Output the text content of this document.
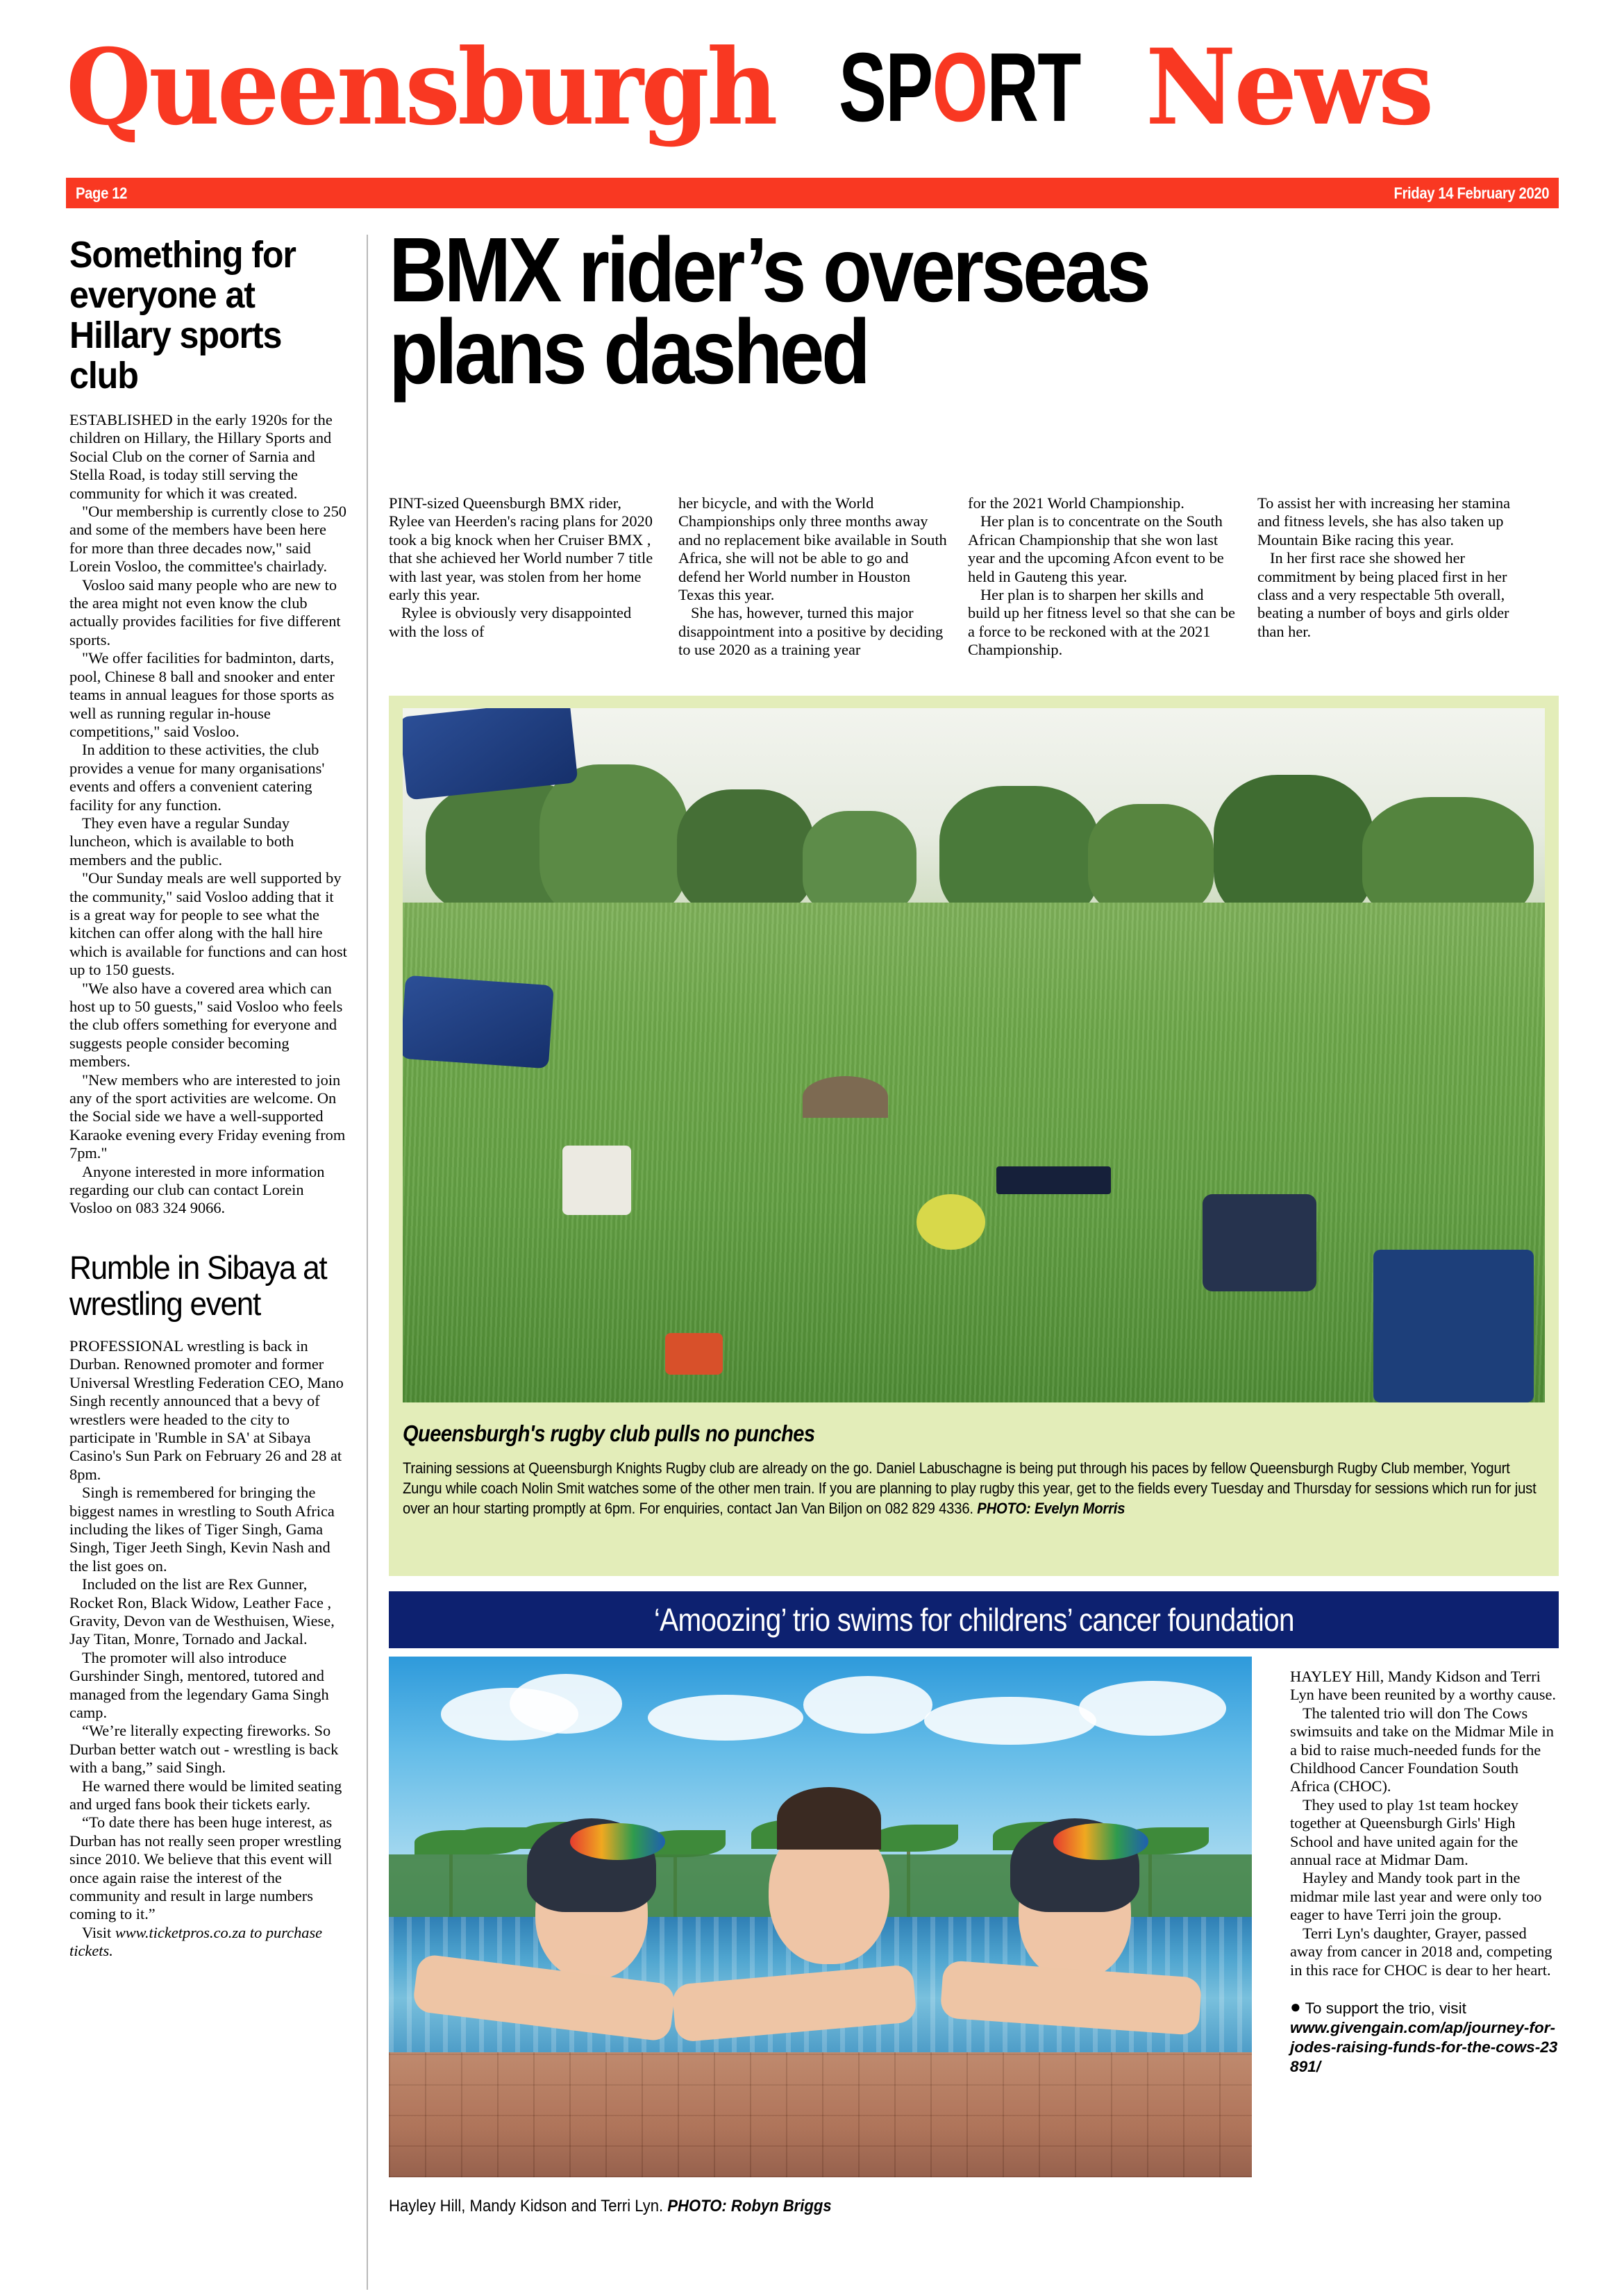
Queensburgh SPORT News
Page 12	Friday 14 February 2020
Something for everyone at Hillary sports club

ESTABLISHED in the early 1920s for the children on Hillary, the Hillary Sports and Social Club on the corner of Sarnia and Stella Road, is today still serving the community for which it was created.

"Our membership is currently close to 250 and some of the members have been here for more than three decades now," said Lorein Vosloo, the committee's chairlady.

Vosloo said many people who are new to the area might not even know the club actually provides facilities for five different sports.

"We offer facilities for badminton, darts, pool, Chinese 8 ball and snooker and enter teams in annual leagues for those sports as well as running regular in-house competitions," said Vosloo.

In addition to these activities, the club provides a venue for many organisations' events and offers a convenient catering facility for any function.

They even have a regular Sunday luncheon, which is available to both members and the public.

"Our Sunday meals are well supported by the community," said Vosloo adding that it is a great way for people to see what the kitchen can offer along with the hall hire which is available for functions and can host up to 150 guests.

"We also have a covered area which can host up to 50 guests," said Vosloo who feels the club offers something for everyone and suggests people consider becoming members.

"New members who are interested to join any of the sport activities are welcome. On the Social side we have a well-supported Karaoke evening every Friday evening from 7pm."

Anyone interested in more information regarding our club can contact Lorein Vosloo on 083 324 9066.

Rumble in Sibaya at wrestling event

PROFESSIONAL wrestling is back in Durban. Renowned promoter and former Universal Wrestling Federation CEO, Mano Singh recently announced that a bevy of wrestlers were headed to the city to participate in 'Rumble in SA' at Sibaya Casino's Sun Park on February 26 and 28 at 8pm.

Singh is remembered for bringing the biggest names in wrestling to South Africa including the likes of Tiger Singh, Gama Singh, Tiger Jeeth Singh, Kevin Nash and the list goes on.

Included on the list are Rex Gunner, Rocket Ron, Black Widow, Leather Face , Gravity, Devon van de Westhuisen, Wiese, Jay Titan, Monre, Tornado and Jackal.

The promoter will also introduce Gurshinder Singh, mentored, tutored and managed from the legendary Gama Singh camp.

“We’re literally expecting fireworks. So Durban better watch out - wrestling is back with a bang,” said Singh.

He warned there would be limited seating and urged fans book their tickets early.

“To date there has been huge interest, as Durban has not really seen proper wrestling since 2010. We believe that this event will once again raise the interest of the community and result in large numbers coming to it.”

Visit www.ticketpros.co.za to purchase tickets.

BMX rider’s overseas
plans dashed

PINT-sized Queensburgh BMX rider, Rylee van Heerden's racing plans for 2020 took a big knock when her Cruiser BMX , that she achieved her World number 7 title with last year, was stolen from her home early this year.

Rylee is obviously very disappointed with the loss of

her bicycle, and with the World Championships only three months away and no replacement bike available in South Africa, she will not be able to go and defend her World number in Houston Texas this year.

She has, however, turned this major disappointment into a positive by deciding to use 2020 as a training year

for the 2021 World Championship.

Her plan is to concentrate on the South African Championship that she won last year and the upcoming Afcon event to be held in Gauteng this year.

Her plan is to sharpen her skills and build up her fitness level so that she can be a force to be reckoned with at the 2021 Championship.

To assist her with increasing her stamina and fitness levels, she has also taken up Mountain Bike racing this year.

In her first race she showed her commitment by being placed first in her class and a very respectable 5th overall, beating a number of boys and girls older than her.

Queensburgh's rugby club pulls no punches
Training sessions at Queensburgh Knights Rugby club are already on the go. Daniel Labuschagne is being put through his paces by fellow Queensburgh Rugby Club member, Yogurt Zungu while coach Nolin Smit watches some of the other men train. If you are planning to play rugby this year, get to the fields every Tuesday and Thursday for sessions which run for just over an hour starting promptly at 6pm. For enquiries, contact Jan Van Biljon on 082 829 4336. PHOTO: Evelyn Morris
‘Amoozing’ trio swims for childrens’ cancer foundation
Hayley Hill, Mandy Kidson and Terri Lyn. PHOTO: Robyn Briggs

HAYLEY Hill, Mandy Kidson and Terri Lyn have been reunited by a worthy cause.

The talented trio will don The Cows swimsuits and take on the Midmar Mile in a bid to raise much-needed funds for the Childhood Cancer Foundation South Africa (CHOC).

They used to play 1st team hockey together at Queensburgh Girls' High School and have united again for the annual race at Midmar Dam.

Hayley and Mandy took part in the midmar mile last year and were only too eager to have Terri join the group.

Terri Lyn's daughter, Grayer, passed away from cancer in 2018 and, competing in this race for CHOC is dear to her heart.

● To support the trio, visit
www.givengain.com/ap/journey-for-jodes-raising-funds-for-the-cows-23891/
